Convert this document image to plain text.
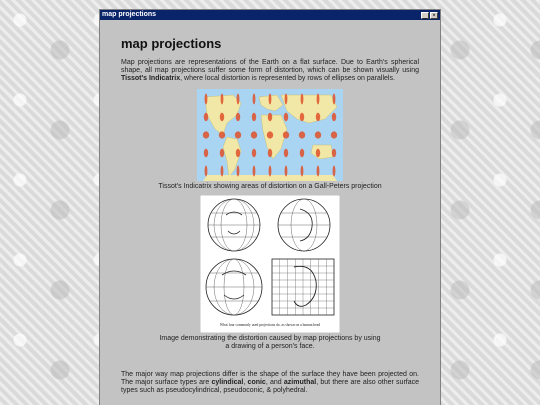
map projections	_ ×
map projections

Map projections are representations of the Earth on a flat surface. Due to Earth's spherical shape, all map projections suffer some form of distortion, which can be shown visually using Tissot's Indicatrix, where local distortion is represented by rows of ellipses on parallels.

Tissot's Indicatrix showing areas of distortion on a Gall-Peters projection
What four commonly used projections do, as shown on a human head
Image demonstrating the distortion caused by map projections by using a drawing of a person's face.

The major way map projections differ is the shape of the surface they have been projected on. The major surface types are cylindical, conic, and azimuthal, but there are also other surface types such as pseudocylindrical, pseudoconic, & polyhedral.
